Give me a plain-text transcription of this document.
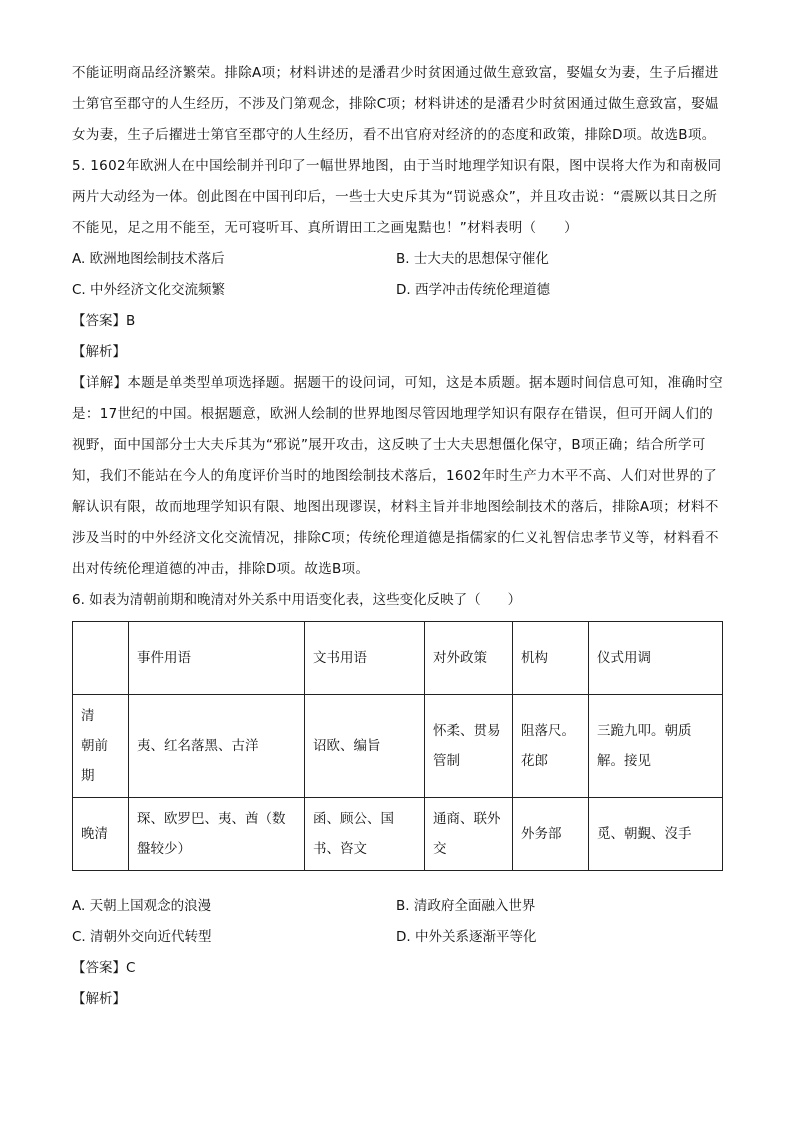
不能证明商品经济繁荣。排除A项；材料讲述的是潘君少时贫困通过做生意致富，娶媪女为妻，生子后擢进士第官至郡守的人生经历，不涉及门第观念，排除C项；材料讲述的是潘君少时贫困通过做生意致富，娶媪女为妻，生子后擢进士第官至郡守的人生经历，看不出官府对经济的的态度和政策，排除D项。故选B项。

5. 1602年欧洲人在中国绘制并刊印了一幅世界地图，由于当时地理学知识有限，图中误将大作为和南极同两片大动经为一体。创此图在中国刊印后，一些士大史斥其为“罚说惑众”，并且攻击说：“震厥以其日之所不能见，足之用不能至，无可寝听耳、真所谓田工之画鬼黠也！”材料表明（　　）

A. 欧洲地图绘制技术落后	B. 士大夫的思想保守催化
C. 中外经济文化交流频繁	D. 西学冲击传统伦理道德
【答案】B
【解析】

【详解】本题是单类型单项选择题。据题干的设问词，可知，这是本质题。据本题时间信息可知，准确时空是：17世纪的中国。根据题意，欧洲人绘制的世界地图尽管因地理学知识有限存在错误，但可开阔人们的视野，面中国部分士大夫斥其为“邪说”展开攻击，这反映了士大夫思想僵化保守，B项正确；结合所学可知，我们不能站在今人的角度评价当时的地图绘制技术落后，1602年时生产力木平不高、人们对世界的了解认识有限，故而地理学知识有限、地图出现谬误，材料主旨并非地图绘制技术的落后，排除A项；材料不涉及当时的中外经济文化交流情况，排除C项；传统伦理道德是指儒家的仁义礼智信忠孝节义等，材料看不出对传统伦理道德的冲击，排除D项。故选B项。

6. 如表为清朝前期和晚清对外关系中用语变化表，这些变化反映了（　　）

	事件用语	文书用语	对外政策	机构	仪式用调
清　朝前期	夷、红名落黑、古洋	诏欧、编旨	怀柔、贯易管制	阻落尺。花郎	三跪九叩。朝质解。接见
晚清	琛、欧罗巴、夷、酋（数盤较少）	函、顾公、国书、咨文	通商、联外交	外务部	觅、朝覲、沒手
A. 天朝上国观念的浪漫	B. 清政府全面融入世界
C. 清朝外交向近代转型	D. 中外关系逐渐平等化
【答案】C
【解析】
